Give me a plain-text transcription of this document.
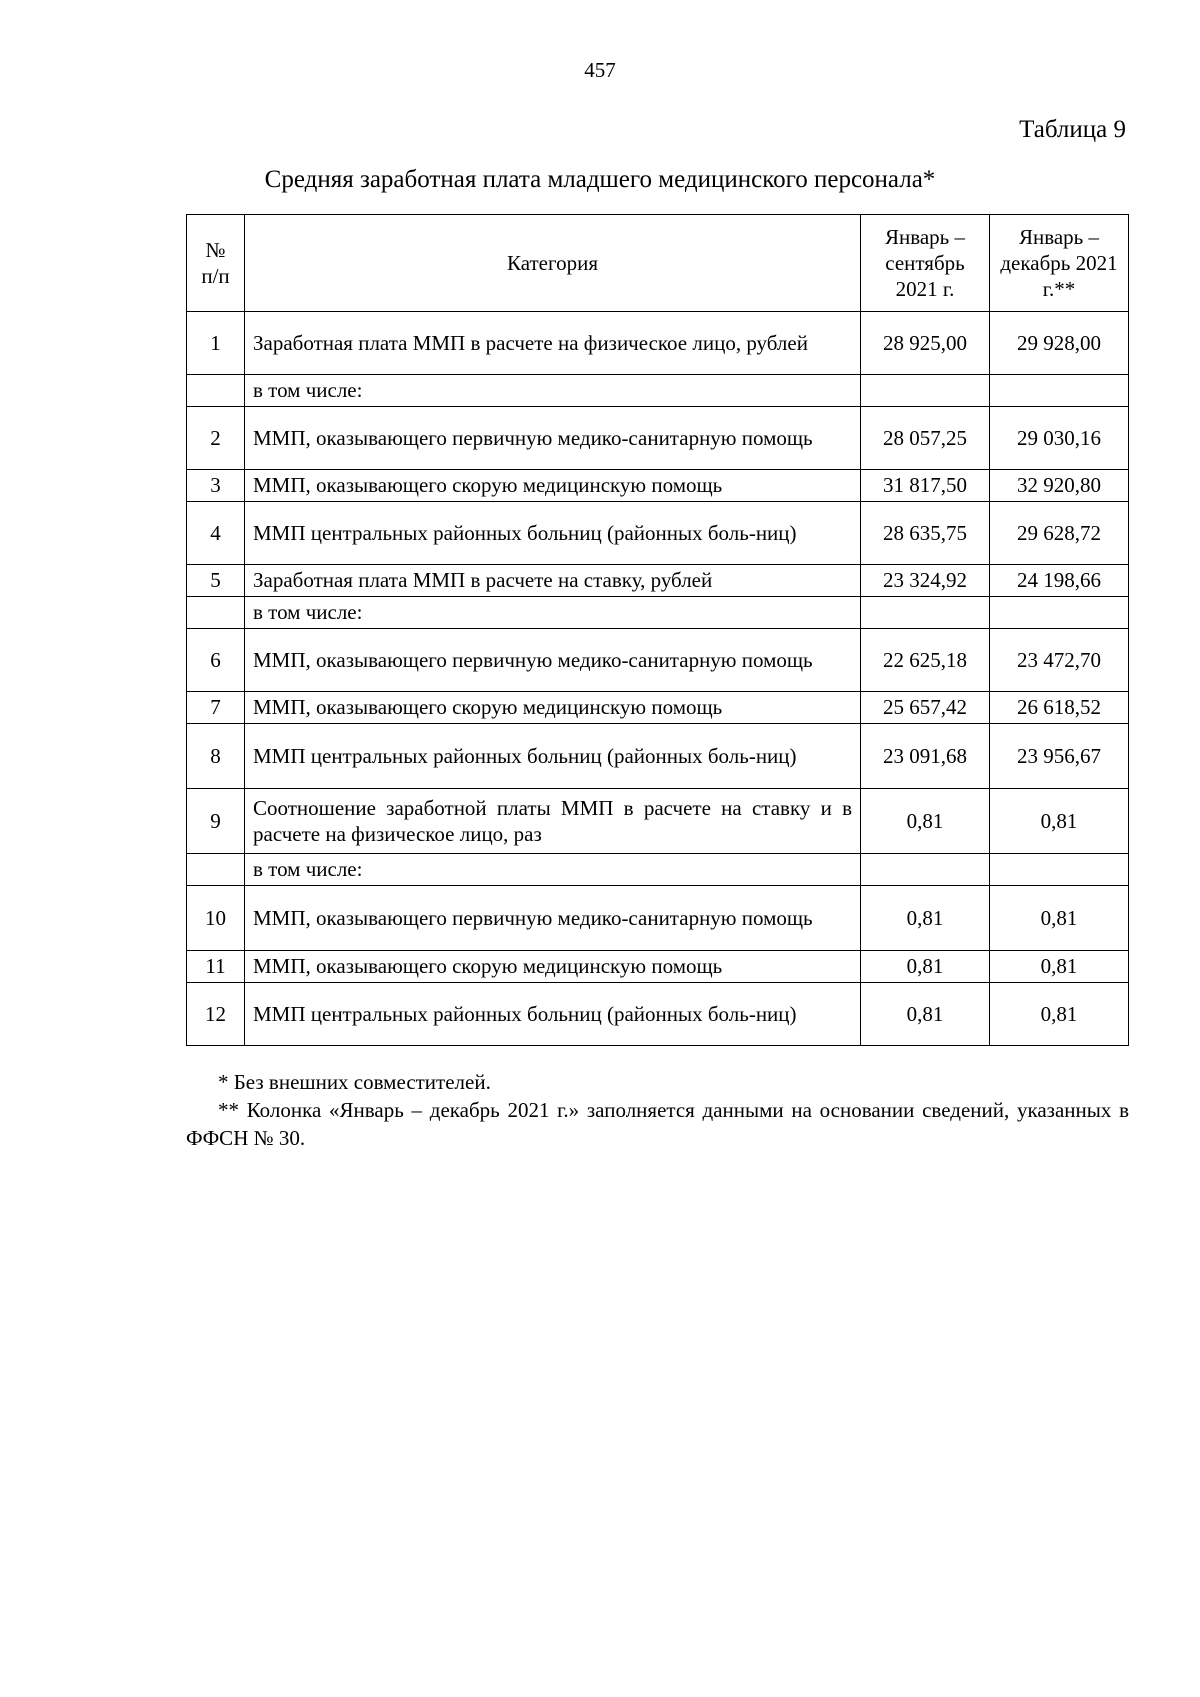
457
Таблица 9
Средняя заработная плата младшего медицинского персонала*
№ п/п	Категория	Январь – сентябрь 2021 г.	Январь – декабрь 2021 г.**
1	Заработная плата ММП в расчете на физическое лицо, рублей	28 925,00	29 928,00
	в том числе:		
2	ММП, оказывающего первичную медико-санитарную помощь	28 057,25	29 030,16
3	ММП, оказывающего скорую медицинскую помощь	31 817,50	32 920,80
4	ММП центральных районных больниц (районных боль-ниц)	28 635,75	29 628,72
5	Заработная плата ММП в расчете на ставку, рублей	23 324,92	24 198,66
	в том числе:		
6	ММП, оказывающего первичную медико-санитарную помощь	22 625,18	23 472,70
7	ММП, оказывающего скорую медицинскую помощь	25 657,42	26 618,52
8	ММП центральных районных больниц (районных боль-ниц)	23 091,68	23 956,67
9	Соотношение заработной платы ММП в расчете на ставку и в расчете на физическое лицо, раз	0,81	0,81
	в том числе:		
10	ММП, оказывающего первичную медико-санитарную помощь	0,81	0,81
11	ММП, оказывающего скорую медицинскую помощь	0,81	0,81
12	ММП центральных районных больниц (районных боль-ниц)	0,81	0,81

* Без внешних совместителей.

** Колонка «Январь – декабрь 2021 г.» заполняется данными на основании сведений, указанных в ФФСН № 30.
